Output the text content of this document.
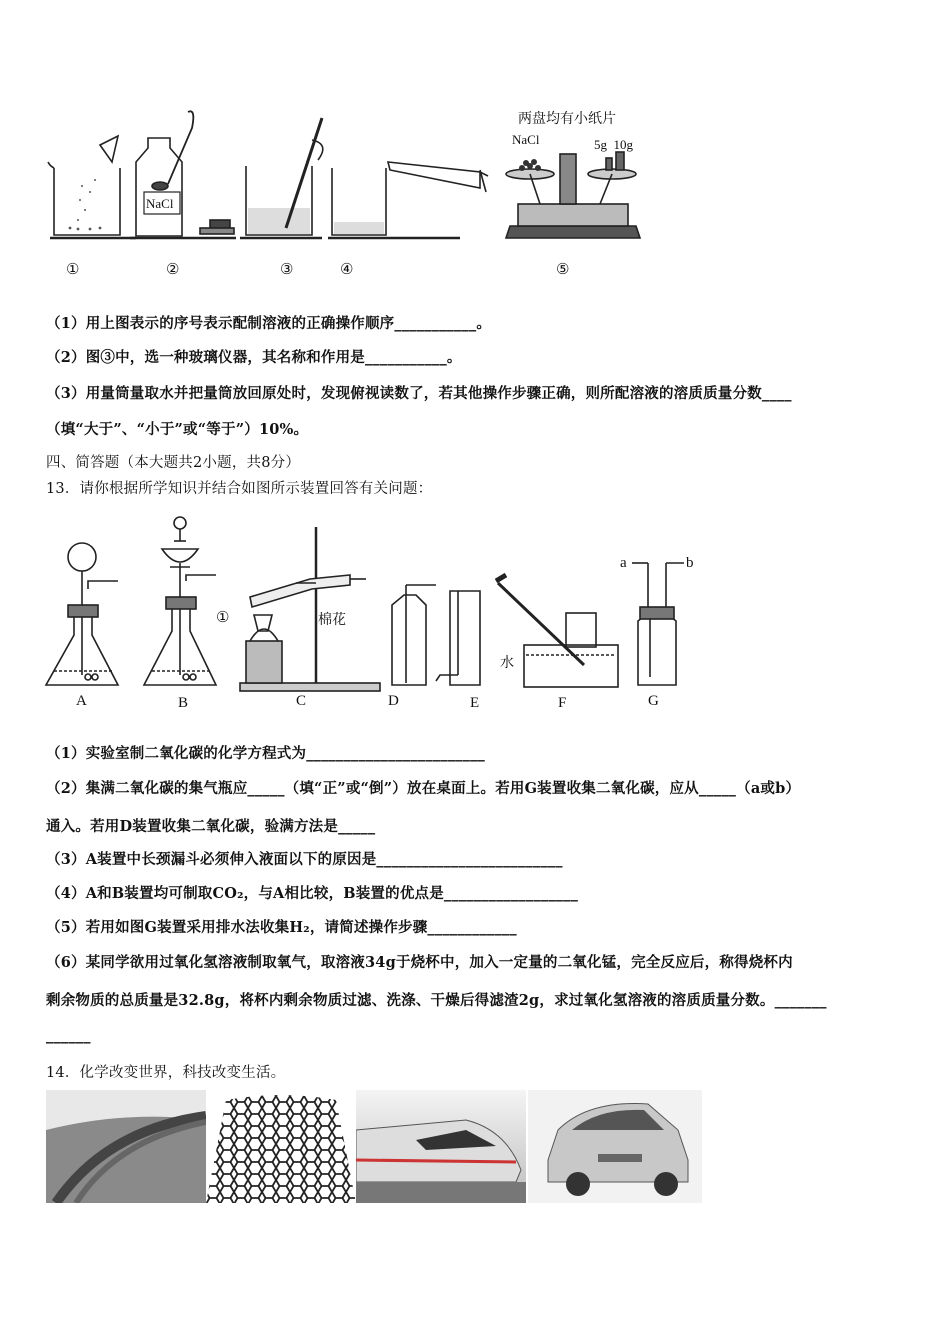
两盘均有小纸片
NaCl
NaCl	5g  10g
①	②	③	④	⑤
（1）用上图表示的序号表示配制溶液的正确操作顺序___________。
（2）图③中，选一种玻璃仪器，其名称和作用是___________。
（3）用量筒量取水并把量筒放回原处时，发现俯视读数了，若其他操作步骤正确，则所配溶液的溶质质量分数____
（填“大于”、“小于”或“等于”）10%。
四、简答题（本大题共2小题，共8分）
13．请你根据所学知识并结合如图所示装置回答有关问题：
①	棉花
水
a	b
A	B	C	D	E	F	G
（1）实验室制二氧化碳的化学方程式为________________________
（2）集满二氧化碳的集气瓶应_____（填“正”或“倒”）放在桌面上。若用G装置收集二氧化碳，应从_____（a或b）
通入。若用D装置收集二氧化碳，验满方法是_____
（3）A装置中长颈漏斗必须伸入液面以下的原因是_________________________
（4）A和B装置均可制取CO₂，与A相比较，B装置的优点是__________________
（5）若用如图G装置采用排水法收集H₂，请简述操作步骤____________
（6）某同学欲用过氧化氢溶液制取氧气，取溶液34g于烧杯中，加入一定量的二氧化锰，完全反应后，称得烧杯内
剩余物质的总质量是32.8g，将杯内剩余物质过滤、洗涤、干燥后得滤渣2g，求过氧化氢溶液的溶质质量分数。_______
______
14．化学改变世界，科技改变生活。
